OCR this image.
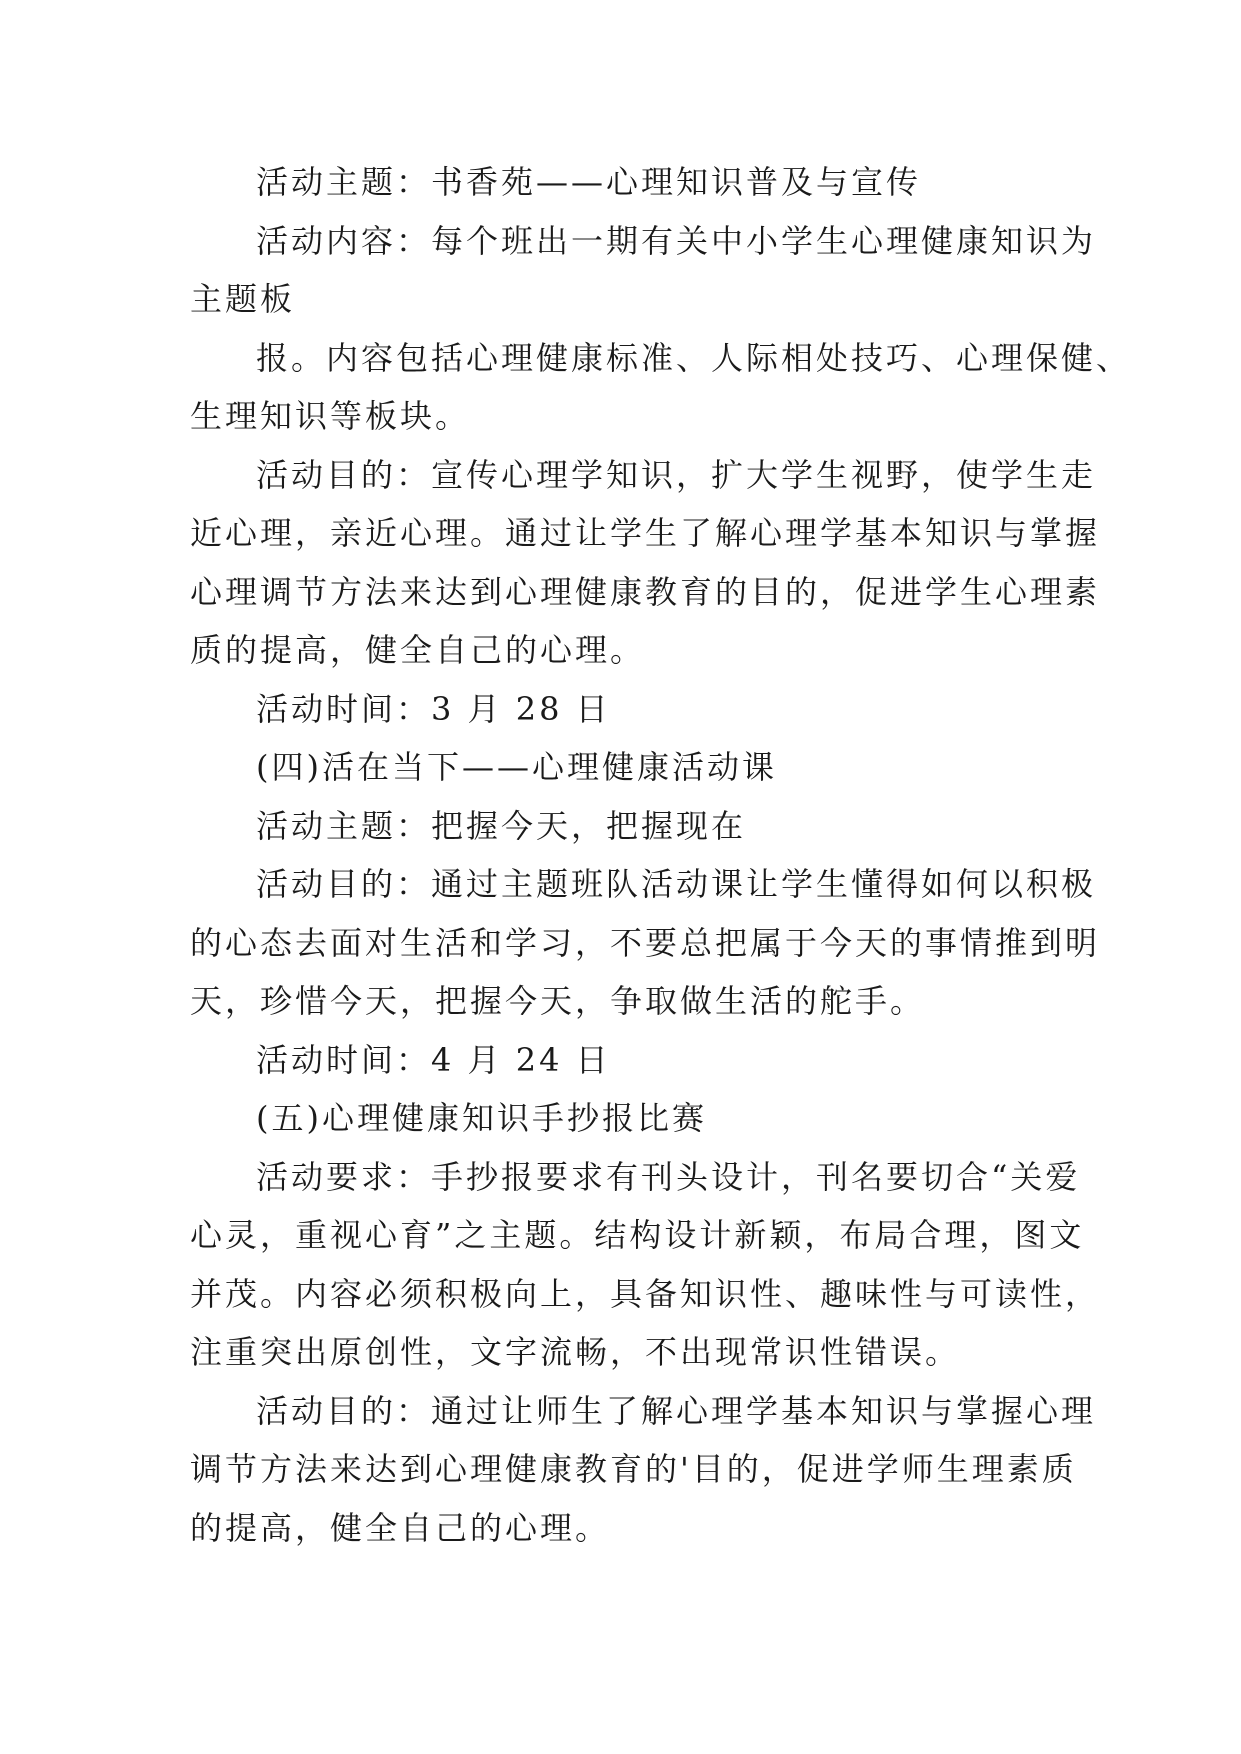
活动主题：书香苑——心理知识普及与宣传
活动内容：每个班出一期有关中小学生心理健康知识为
主题板
报。内容包括心理健康标准、人际相处技巧、心理保健、
生理知识等板块。
活动目的：宣传心理学知识，扩大学生视野，使学生走
近心理，亲近心理。通过让学生了解心理学基本知识与掌握
心理调节方法来达到心理健康教育的目的，促进学生心理素
质的提高，健全自己的心理。
活动时间：3 月 28 日
(四)活在当下——心理健康活动课
活动主题：把握今天，把握现在
活动目的：通过主题班队活动课让学生懂得如何以积极
的心态去面对生活和学习，不要总把属于今天的事情推到明
天，珍惜今天，把握今天，争取做生活的舵手。
活动时间：4 月 24 日
(五)心理健康知识手抄报比赛
活动要求：手抄报要求有刊头设计，刊名要切合“关爱
心灵，重视心育”之主题。结构设计新颖，布局合理，图文
并茂。内容必须积极向上，具备知识性、趣味性与可读性，
注重突出原创性，文字流畅，不出现常识性错误。
活动目的：通过让师生了解心理学基本知识与掌握心理
调节方法来达到心理健康教育的'目的，促进学师生理素质
的提高，健全自己的心理。
